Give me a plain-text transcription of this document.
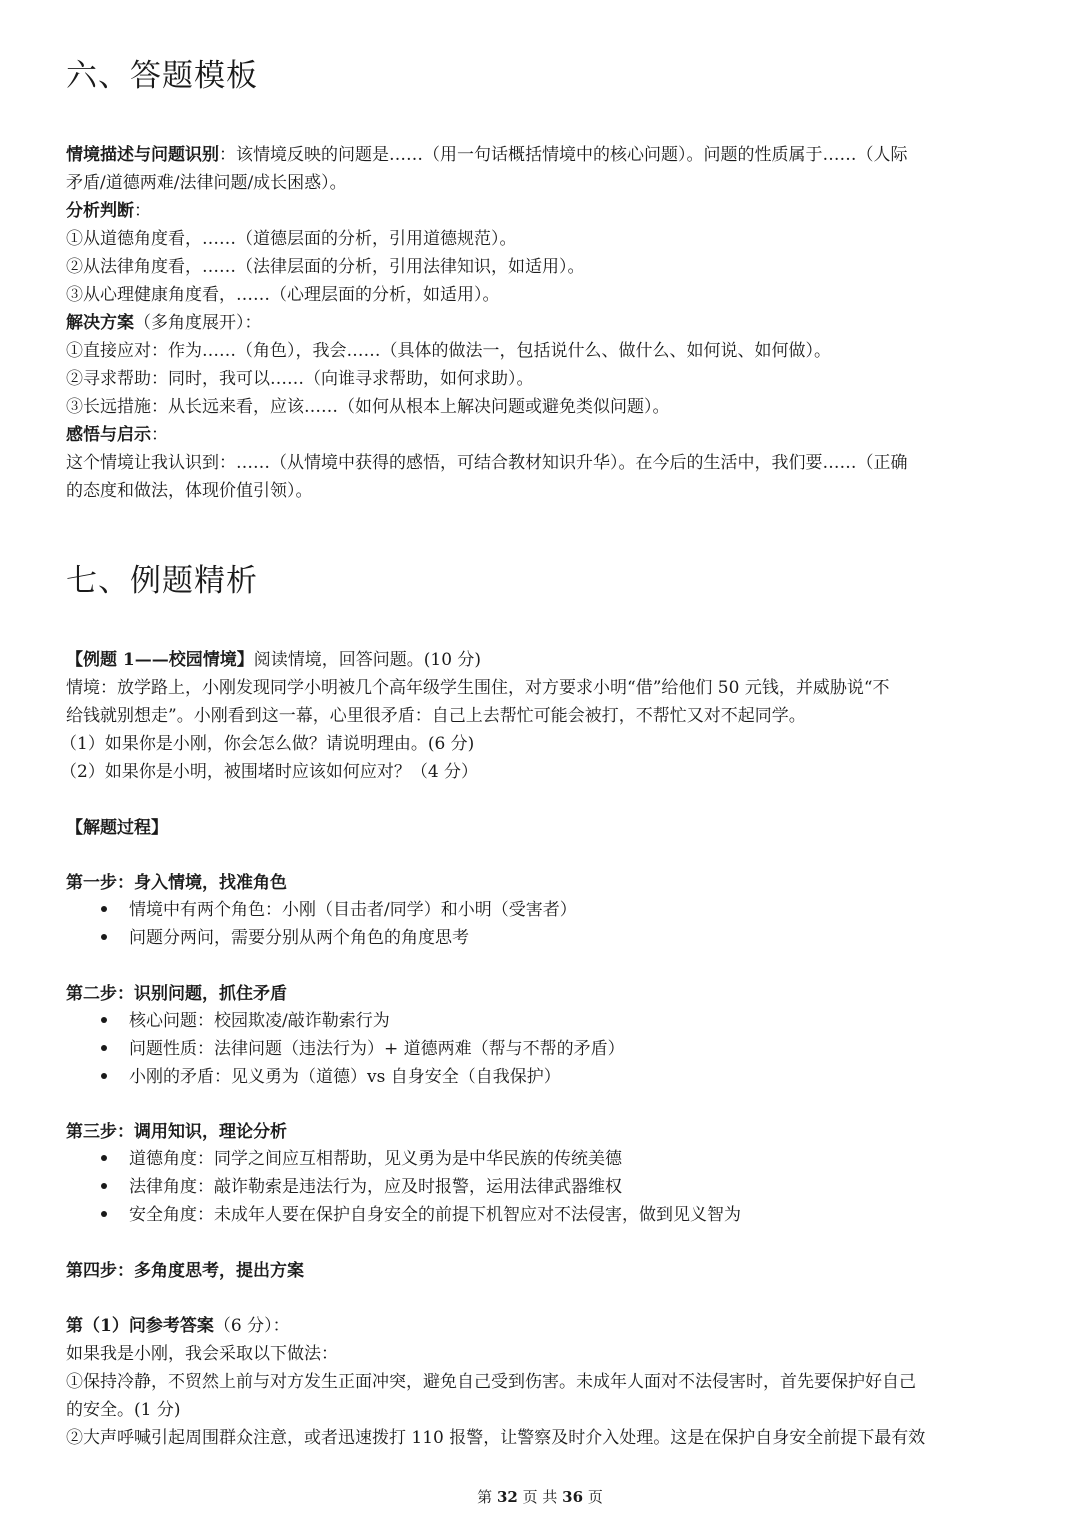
六、答题模板

情境描述与问题识别：该情境反映的问题是……（用一句话概括情境中的核心问题）。问题的性质属于……（人际

矛盾/道德两难/法律问题/成长困惑）。

分析判断：

①从道德角度看，……（道德层面的分析，引用道德规范）。

②从法律角度看，……（法律层面的分析，引用法律知识，如适用）。

③从心理健康角度看，……（心理层面的分析，如适用）。

解决方案（多角度展开）：

①直接应对：作为……（角色），我会……（具体的做法一，包括说什么、做什么、如何说、如何做）。

②寻求帮助：同时，我可以……（向谁寻求帮助，如何求助）。

③长远措施：从长远来看，应该……（如何从根本上解决问题或避免类似问题）。

感悟与启示：

这个情境让我认识到：……（从情境中获得的感悟，可结合教材知识升华）。在今后的生活中，我们要……（正确

的态度和做法，体现价值引领）。

七、例题精析

【例题 1——校园情境】阅读情境，回答问题。(10 分)

情境：放学路上，小刚发现同学小明被几个高年级学生围住，对方要求小明“借”给他们 50 元钱，并威胁说“不

给钱就别想走”。小刚看到这一幕，心里很矛盾：自己上去帮忙可能会被打，不帮忙又对不起同学。

（1）如果你是小刚，你会怎么做？请说明理由。(6 分)

（2）如果你是小明，被围堵时应该如何应对？（4 分）

【解题过程】

第一步：身入情境，找准角色

情境中有两个角色：小刚（目击者/同学）和小明（受害者）
问题分两问，需要分别从两个角色的角度思考

第二步：识别问题，抓住矛盾

核心问题：校园欺凌/敲诈勒索行为
问题性质：法律问题（违法行为）+ 道德两难（帮与不帮的矛盾）
小刚的矛盾：见义勇为（道德）vs 自身安全（自我保护）

第三步：调用知识，理论分析

道德角度：同学之间应互相帮助，见义勇为是中华民族的传统美德
法律角度：敲诈勒索是违法行为，应及时报警，运用法律武器维权
安全角度：未成年人要在保护自身安全的前提下机智应对不法侵害，做到见义智为

第四步：多角度思考，提出方案

第（1）问参考答案（6 分）：

如果我是小刚，我会采取以下做法：

①保持冷静，不贸然上前与对方发生正面冲突，避免自己受到伤害。未成年人面对不法侵害时，首先要保护好自己

的安全。(1 分)

②大声呼喊引起周围群众注意，或者迅速拨打 110 报警，让警察及时介入处理。这是在保护自身安全前提下最有效

第 32 页 共 36 页
